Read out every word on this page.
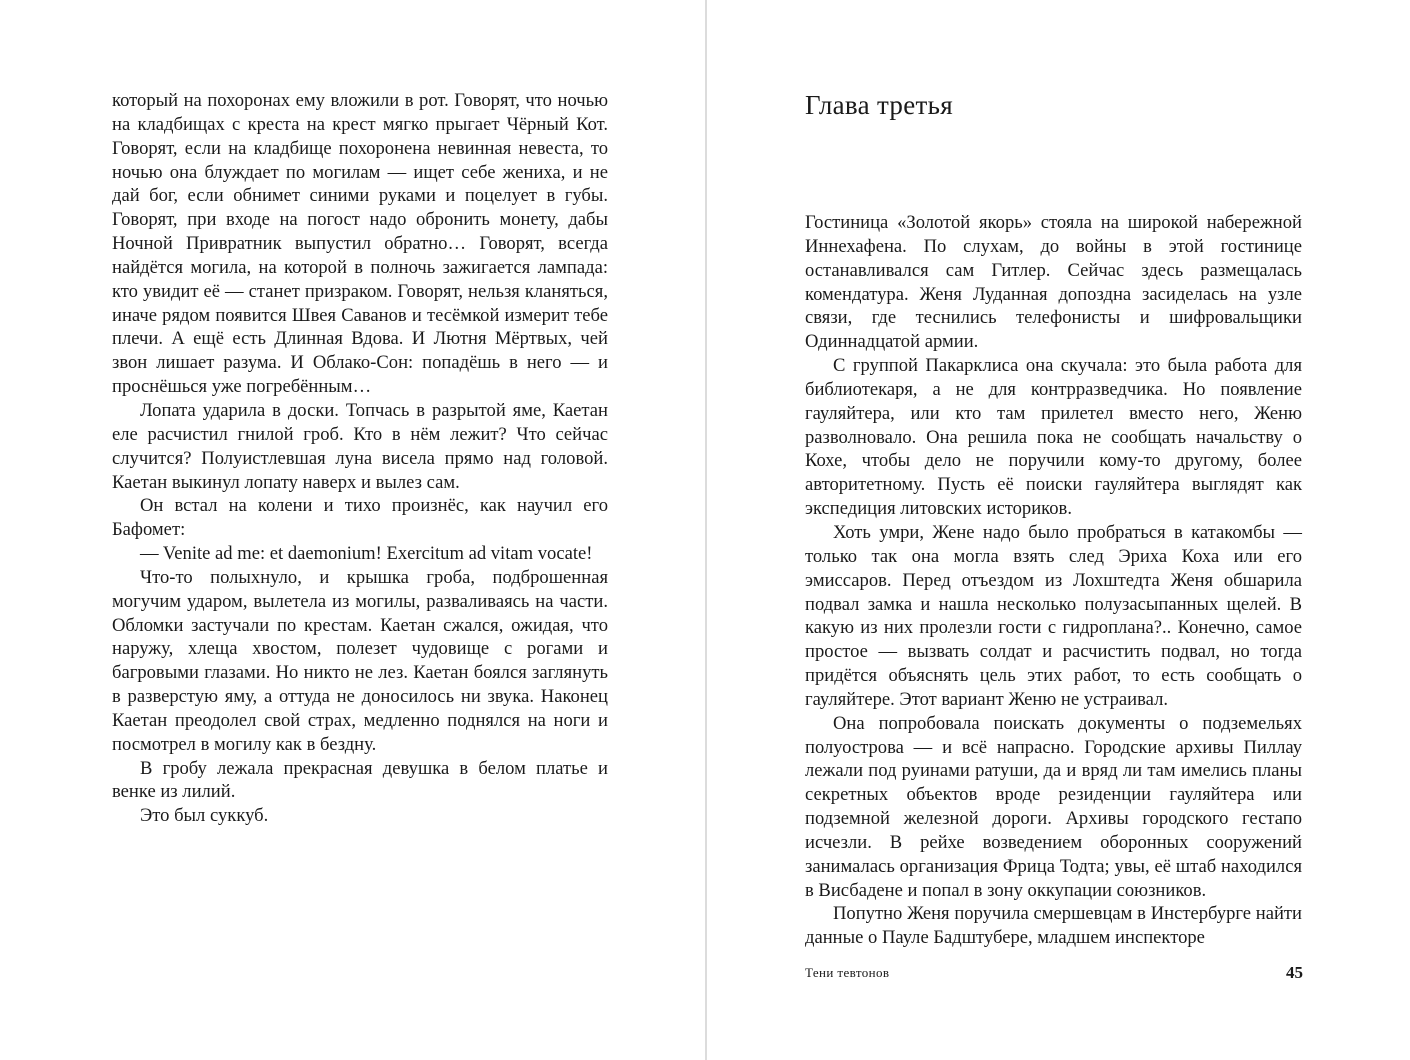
который на похоронах ему вложили в рот. Говорят, что ночью на кладбищах с креста на крест мягко прыгает Чёрный Кот. Говорят, если на кладбище похоронена невинная невеста, то ночью она блуждает по могилам — ищет себе жениха, и не дай бог, если обнимет синими руками и поцелует в губы. Говорят, при входе на погост надо обронить монету, дабы Ночной Привратник выпустил обратно… Говорят, всегда найдётся могила, на которой в полночь зажигается лампада: кто увидит её — станет призраком. Говорят, нельзя кланяться, иначе рядом появится Швея Саванов и тесёмкой измерит тебе плечи. А ещё есть Длинная Вдова. И Лютня Мёртвых, чей звон лишает разума. И Облако-Сон: попадёшь в него — и проснёшься уже погребённым…

Лопата ударила в доски. Топчась в разрытой яме, Каетан еле расчистил гнилой гроб. Кто в нём лежит? Что сейчас случится? Полуистлевшая луна висела прямо над головой. Каетан выкинул лопату наверх и вылез сам.

Он встал на колени и тихо произнёс, как научил его Бафомет:

— Venite ad me: et daemonium! Exercitum ad vitam vocate!

Что-то полыхнуло, и крышка гроба, подброшенная могучим ударом, вылетела из могилы, разваливаясь на части. Обломки застучали по крестам. Каетан сжался, ожидая, что наружу, хлеща хвостом, полезет чудовище с рогами и багровыми глазами. Но никто не лез. Каетан боялся заглянуть в разверстую яму, а оттуда не доносилось ни звука. Наконец Каетан преодолел свой страх, медленно поднялся на ноги и посмотрел в могилу как в бездну.

В гробу лежала прекрасная девушка в белом платье и венке из лилий.

Это был суккуб.

Глава третья

Гостиница «Золотой якорь» стояла на широкой набережной Иннехафена. По слухам, до войны в этой гостинице останавливался сам Гитлер. Сейчас здесь размещалась комендатура. Женя Луданная допоздна засиделась на узле связи, где теснились телефонисты и шифровальщики Одиннадцатой армии.

С группой Пакарклиса она скучала: это была работа для библиотекаря, а не для контрразведчика. Но появление гауляйтера, или кто там прилетел вместо него, Женю разволновало. Она решила пока не сообщать начальству о Кохе, чтобы дело не поручили кому-то другому, более авторитетному. Пусть её поиски гауляйтера выглядят как экспедиция литовских историков.

Хоть умри, Жене надо было пробраться в катакомбы — только так она могла взять след Эриха Коха или его эмиссаров. Перед отъездом из Лохштедта Женя обшарила подвал замка и нашла несколько полузасыпанных щелей. В какую из них пролезли гости с гидроплана?.. Конечно, самое простое — вызвать солдат и расчистить подвал, но тогда придётся объяснять цель этих работ, то есть сообщать о гауляйтере. Этот вариант Женю не устраивал.

Она попробовала поискать документы о подземельях полуострова — и всё напрасно. Городские архивы Пиллау лежали под руинами ратуши, да и вряд ли там имелись планы секретных объектов вроде резиденции гауляйтера или подземной железной дороги. Архивы городского гестапо исчезли. В рейхе возведением оборонных сооружений занималась организация Фрица Тодта; увы, её штаб находился в Висбадене и попал в зону оккупации союзников.

Попутно Женя поручила смершевцам в Инстербурге найти данные о Пауле Бадштубере, младшем инспекторе

Тени тевтонов	45
